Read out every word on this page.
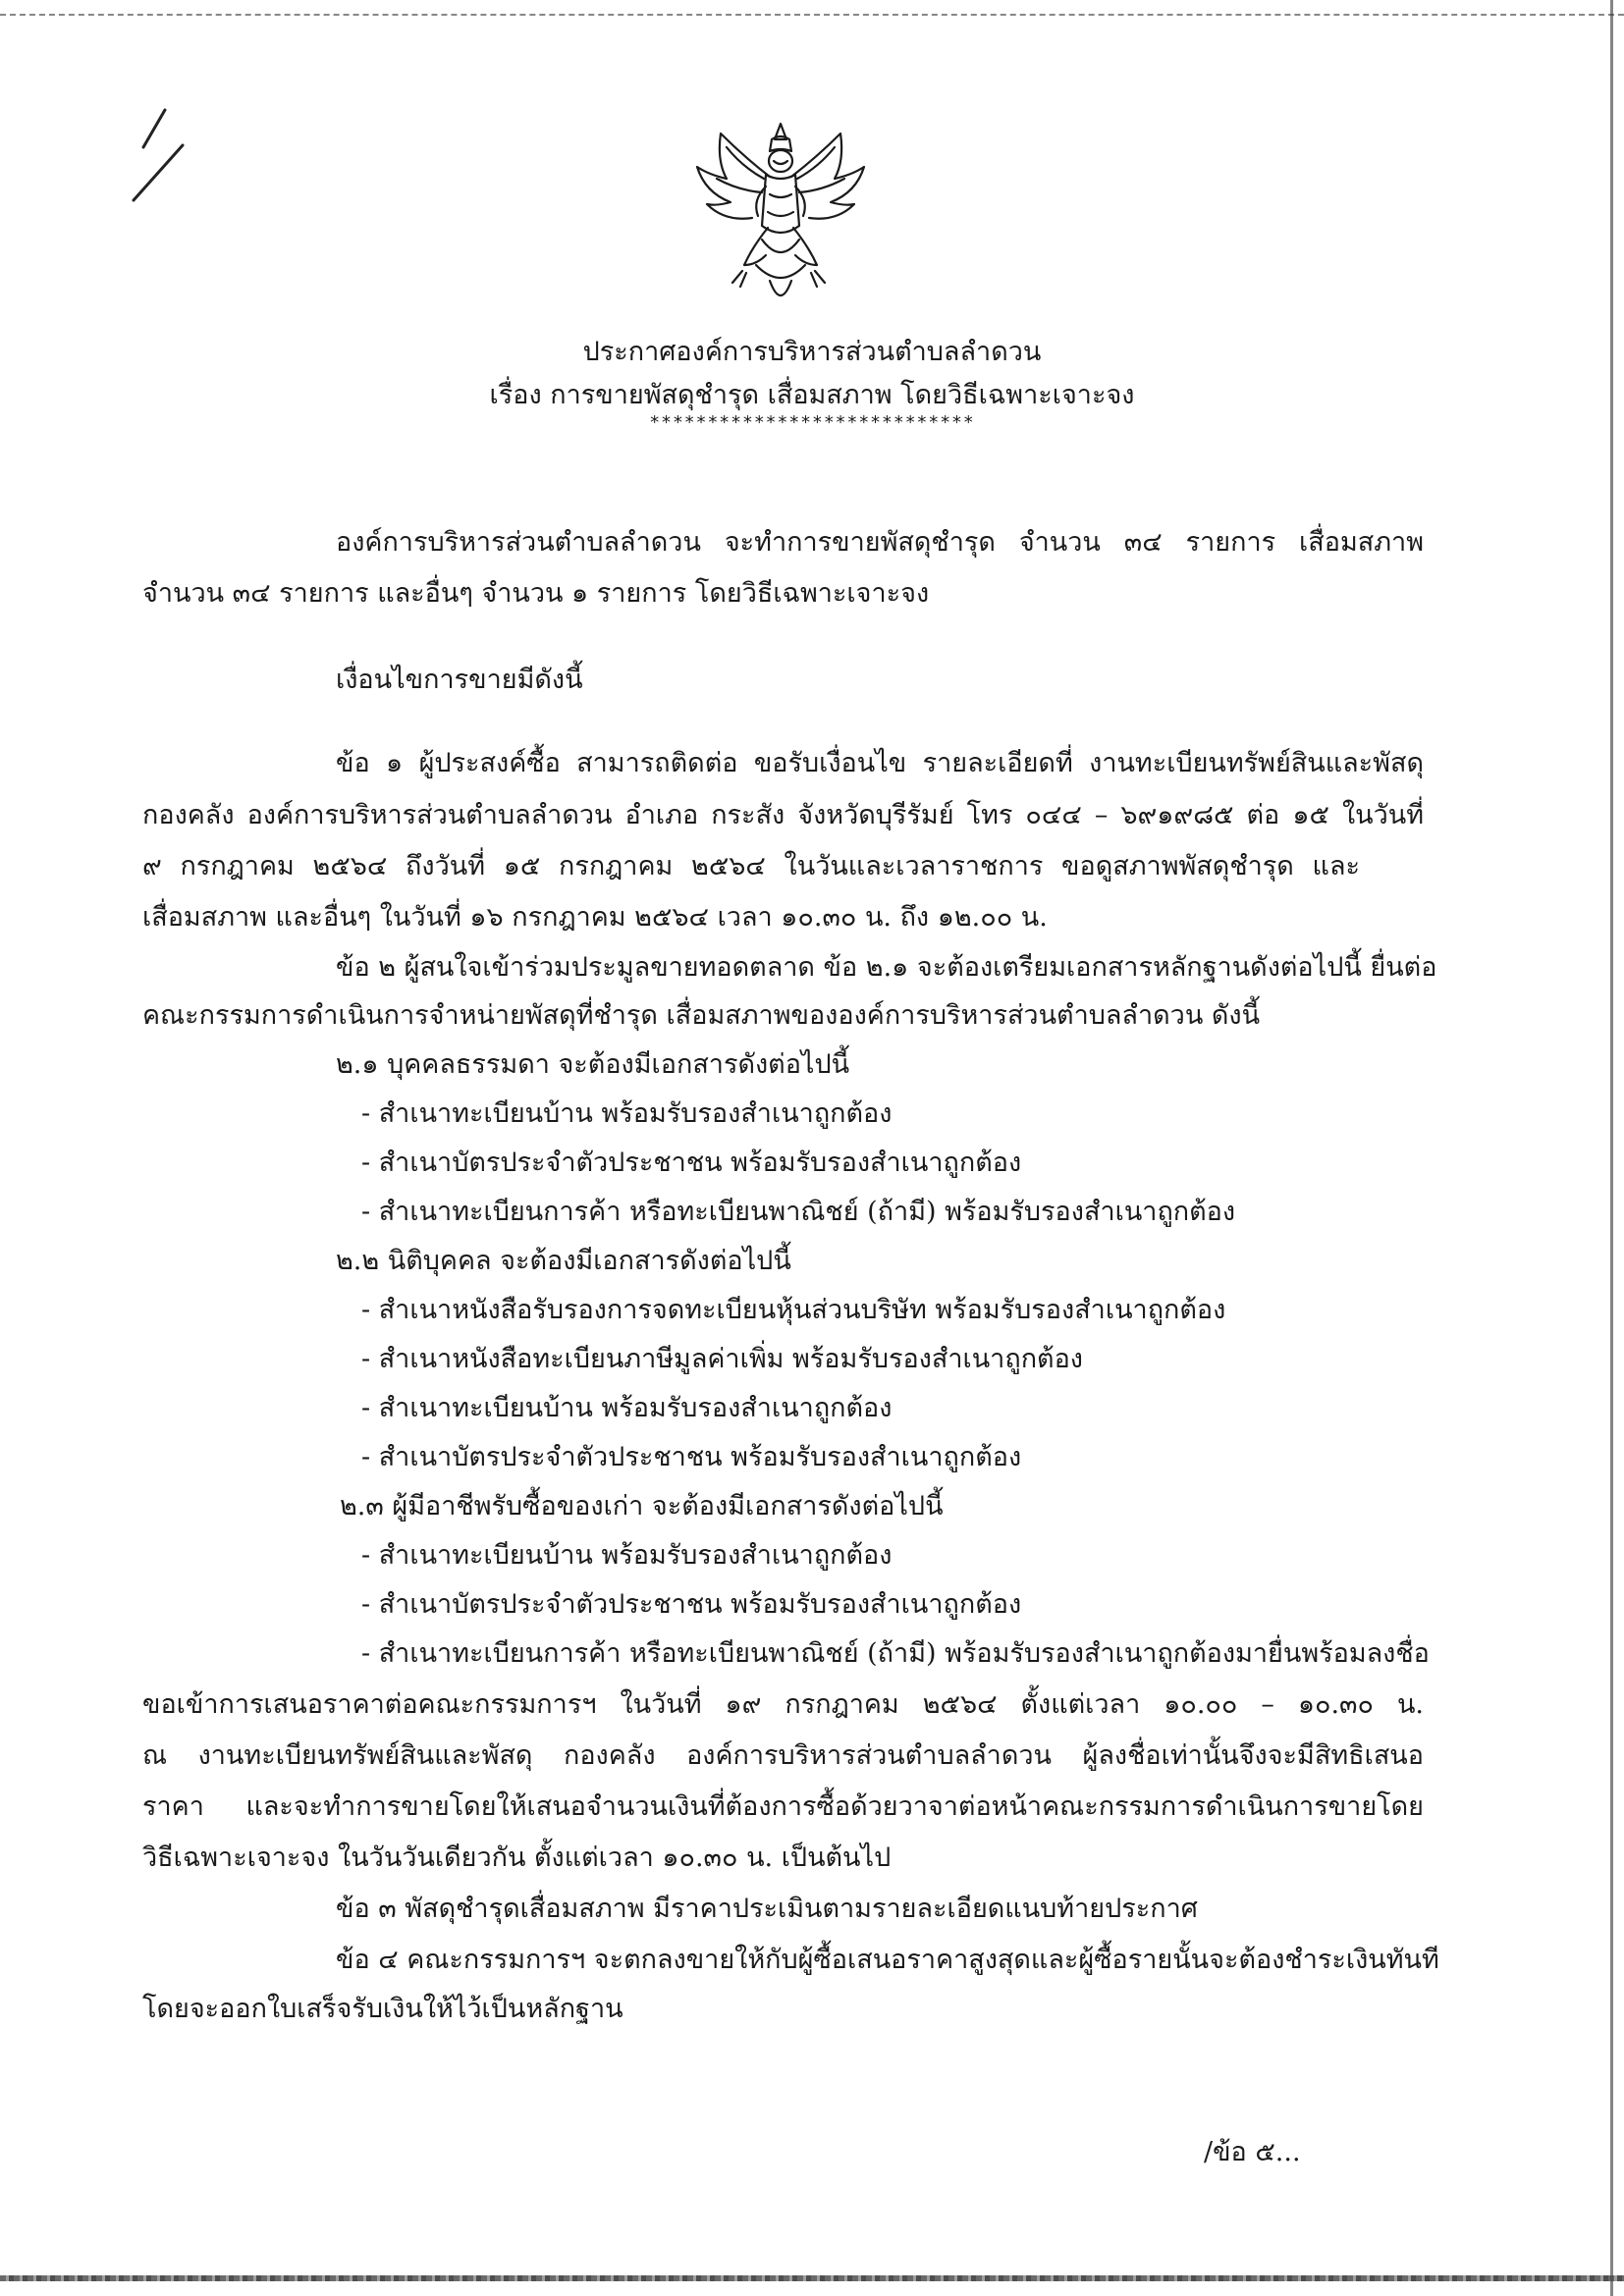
ประกาศองค์การบริหารส่วนตำบลลำดวน
เรื่อง การขายพัสดุชำรุด เสื่อมสภาพ โดยวิธีเฉพาะเจาะจง
****************************
องค์การบริหารส่วนตำบลลำดวน จะทำการขายพัสดุชำรุด จำนวน ๓๔ รายการ เสื่อมสภาพ
จำนวน ๓๔ รายการ และอื่นๆ จำนวน ๑ รายการ โดยวิธีเฉพาะเจาะจง
เงื่อนไขการขายมีดังนี้
ข้อ ๑ ผู้ประสงค์ซื้อ สามารถติดต่อ ขอรับเงื่อนไข รายละเอียดที่ งานทะเบียนทรัพย์สินและพัสดุ
กองคลัง องค์การบริหารส่วนตำบลลำดวน อำเภอ กระสัง จังหวัดบุรีรัมย์ โทร ๐๔๔ – ๖๙๑๙๘๕ ต่อ ๑๕ ในวันที่
๙ กรกฎาคม ๒๕๖๔ ถึงวันที่ ๑๕ กรกฎาคม ๒๕๖๔ ในวันและเวลาราชการ ขอดูสภาพพัสดุชำรุด และ
เสื่อมสภาพ และอื่นๆ ในวันที่ ๑๖ กรกฎาคม ๒๕๖๔ เวลา ๑๐.๓๐ น. ถึง ๑๒.๐๐ น.
ข้อ ๒ ผู้สนใจเข้าร่วมประมูลขายทอดตลาด ข้อ ๒.๑ จะต้องเตรียมเอกสารหลักฐานดังต่อไปนี้ ยื่นต่อ
คณะกรรมการดำเนินการจำหน่ายพัสดุที่ชำรุด เสื่อมสภาพขององค์การบริหารส่วนตำบลลำดวน ดังนี้
๒.๑ บุคคลธรรมดา จะต้องมีเอกสารดังต่อไปนี้
- สำเนาทะเบียนบ้าน พร้อมรับรองสำเนาถูกต้อง
- สำเนาบัตรประจำตัวประชาชน พร้อมรับรองสำเนาถูกต้อง
- สำเนาทะเบียนการค้า หรือทะเบียนพาณิชย์ (ถ้ามี) พร้อมรับรองสำเนาถูกต้อง
๒.๒ นิติบุคคล จะต้องมีเอกสารดังต่อไปนี้
- สำเนาหนังสือรับรองการจดทะเบียนหุ้นส่วนบริษัท พร้อมรับรองสำเนาถูกต้อง
- สำเนาหนังสือทะเบียนภาษีมูลค่าเพิ่ม พร้อมรับรองสำเนาถูกต้อง
- สำเนาทะเบียนบ้าน พร้อมรับรองสำเนาถูกต้อง
- สำเนาบัตรประจำตัวประชาชน พร้อมรับรองสำเนาถูกต้อง
๒.๓ ผู้มีอาชีพรับซื้อของเก่า จะต้องมีเอกสารดังต่อไปนี้
- สำเนาทะเบียนบ้าน พร้อมรับรองสำเนาถูกต้อง
- สำเนาบัตรประจำตัวประชาชน พร้อมรับรองสำเนาถูกต้อง
- สำเนาทะเบียนการค้า หรือทะเบียนพาณิชย์ (ถ้ามี) พร้อมรับรองสำเนาถูกต้องมายื่นพร้อมลงชื่อ
ขอเข้าการเสนอราคาต่อคณะกรรมการฯ ในวันที่ ๑๙ กรกฎาคม ๒๕๖๔ ตั้งแต่เวลา ๑๐.๐๐ – ๑๐.๓๐ น.
ณ งานทะเบียนทรัพย์สินและพัสดุ กองคลัง องค์การบริหารส่วนตำบลลำดวน ผู้ลงชื่อเท่านั้นจึงจะมีสิทธิเสนอ
ราคา และจะทำการขายโดยให้เสนอจำนวนเงินที่ต้องการซื้อด้วยวาจาต่อหน้าคณะกรรมการดำเนินการขายโดย
วิธีเฉพาะเจาะจง ในวันวันเดียวกัน ตั้งแต่เวลา ๑๐.๓๐ น. เป็นต้นไป
ข้อ ๓ พัสดุชำรุดเสื่อมสภาพ มีราคาประเมินตามรายละเอียดแนบท้ายประกาศ
ข้อ ๔ คณะกรรมการฯ จะตกลงขายให้กับผู้ซื้อเสนอราคาสูงสุดและผู้ซื้อรายนั้นจะต้องชำระเงินทันที
โดยจะออกใบเสร็จรับเงินให้ไว้เป็นหลักฐาน
/ข้อ ๕...
